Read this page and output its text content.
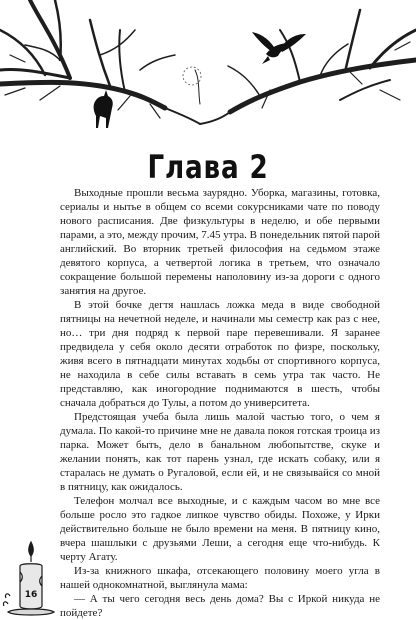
Глава 2

Выходные прошли весьма заурядно. Уборка, магазины, готовка, сериалы и нытье в общем со всеми сокурсниками чате по поводу нового расписания. Две физкультуры в неделю, и обе первыми парами, а это, между прочим, 7.45 утра. В понедельник пятой парой английский. Во вторник третьей философия на седьмом этаже девятого корпуса, а четвертой логика в третьем, что означало сокращение большой перемены наполовину из-за дороги с одного занятия на другое.

В этой бочке дегтя нашлась ложка меда в виде свободной пятницы на нечетной неделе, и начинали мы семестр как раз с нее, но… три дня подряд к первой паре перевешивали. Я заранее предвидела у себя около десяти отработок по физре, поскольку, живя всего в пятнадцати минутах ходьбы от спортивного корпуса, не находила в себе силы вставать в семь утра так часто. Не представляю, как иногородние поднимаются в шесть, чтобы сначала добраться до Тулы, а потом до университета.

Предстоящая учеба была лишь малой частью того, о чем я думала. По какой-то причине мне не давала покоя готская троица из парка. Может быть, дело в банальном любопытстве, скуке и желании понять, как тот парень узнал, где искать собаку, или я старалась не думать о Ругаловой, если ей, и не связывайся со мной в пятницу, как ожидалось.

Телефон молчал все выходные, и с каждым часом во мне все больше росло это гадкое липкое чувство обиды. Похоже, у Ирки действительно больше не было времени на меня. В пятницу кино, вчера шашлыки с друзьями Леши, а сегодня еще что-нибудь. К черту Агату.

Из-за книжного шкафа, отсекающего половину моего угла в нашей однокомнатной, выглянула мама:

— А ты чего сегодня весь день дома? Вы с Иркой никуда не пойдете?

16
